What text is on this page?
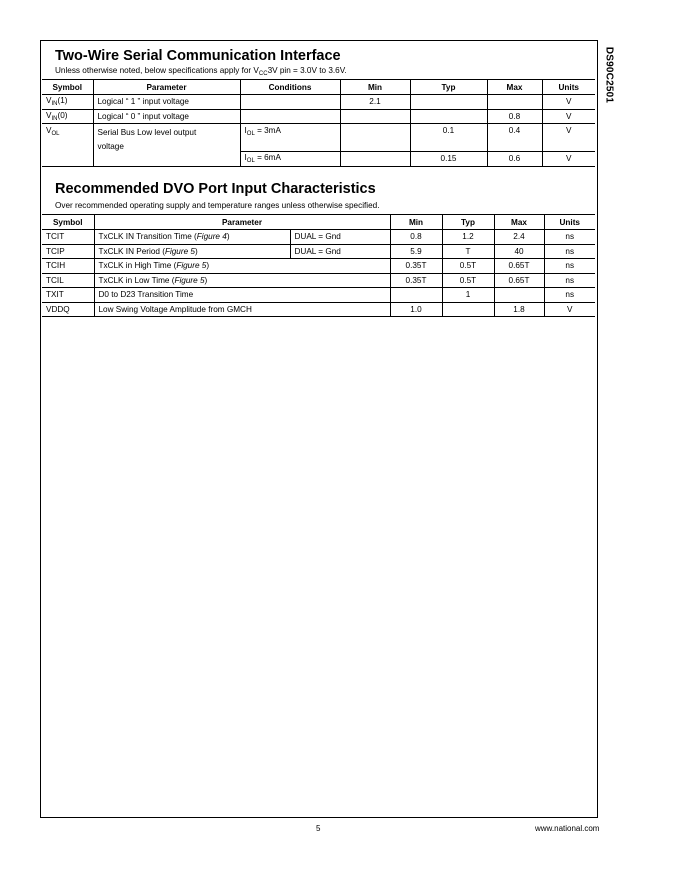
DS90C2501
Two-Wire Serial Communication Interface
Unless otherwise noted, below specifications apply for $V_{CC}3V$ pin = 3.0V to 3.6V.
Symbol	Parameter	Conditions	Min	Typ	Max	Units
$V_{IN}(1)$	Logical “ 1 ” input voltage		2.1			V
$V_{IN}(0)$	Logical “ 0 ” input voltage				0.8	V
$V_{OL}$	Serial Bus Low level output
voltage	$I_{OL} = 3mA$		0.1	0.4	V
		$I_{OL} = 6mA$		0.15	0.6	V
Recommended DVO Port Input Characteristics
Over recommended operating supply and temperature ranges unless otherwise specified.
Symbol	Parameter		Min	Typ	Max	Units
TCIT	TxCLK IN Transition Time (Figure 4)	DUAL = Gnd	0.8	1.2	2.4	ns
TCIP	TxCLK IN Period (Figure 5)	DUAL = Gnd	5.9	T	40	ns
TCIH	TxCLK in High Time (Figure 5)		0.35T	0.5T	0.65T	ns
TCIL	TxCLK in Low Time (Figure 5)		0.35T	0.5T	0.65T	ns
TXIT	D0 to D23 Transition Time			1		ns
VDDQ	Low Swing Voltage Amplitude from GMCH		1.0		1.8	V
5	www.national.com
